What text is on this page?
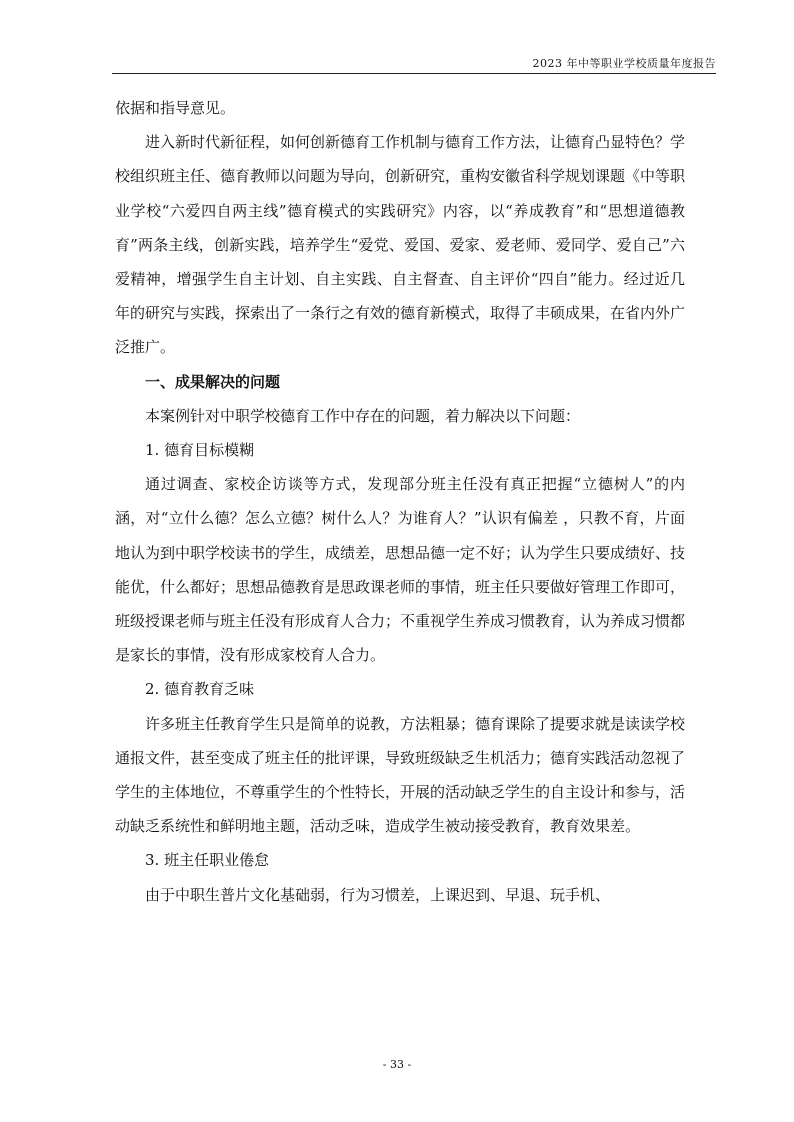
2023 年中等职业学校质量年度报告

依据和指导意见。

进入新时代新征程，如何创新德育工作机制与德育工作方法，让德育凸显特色？学校组织班主任、德育教师以问题为导向，创新研究，重构安徽省科学规划课题《中等职业学校“六爱四自两主线”德育模式的实践研究》内容，以“养成教育”和“思想道德教育”两条主线，创新实践，培养学生“爱党、爱国、爱家、爱老师、爱同学、爱自己”六爱精神，增强学生自主计划、自主实践、自主督查、自主评价“四自”能力。经过近几年的研究与实践，探索出了一条行之有效的德育新模式，取得了丰硕成果，在省内外广泛推广。

一、成果解决的问题

本案例针对中职学校德育工作中存在的问题，着力解决以下问题：

1. 德育目标模糊

通过调查、家校企访谈等方式，发现部分班主任没有真正把握“立德树人”的内涵，对“立什么德？怎么立德？树什么人？为谁育人？”认识有偏差 ，只教不育，片面地认为到中职学校读书的学生，成绩差，思想品德一定不好；认为学生只要成绩好、技能优，什么都好；思想品德教育是思政课老师的事情，班主任只要做好管理工作即可，班级授课老师与班主任没有形成育人合力；不重视学生养成习惯教育，认为养成习惯都是家长的事情，没有形成家校育人合力。

2. 德育教育乏味

许多班主任教育学生只是简单的说教，方法粗暴；德育课除了提要求就是读读学校通报文件，甚至变成了班主任的批评课，导致班级缺乏生机活力；德育实践活动忽视了学生的主体地位，不尊重学生的个性特长，开展的活动缺乏学生的自主设计和参与，活动缺乏系统性和鲜明地主题，活动乏味，造成学生被动接受教育，教育效果差。

3. 班主任职业倦怠

由于中职生普片文化基础弱，行为习惯差，上课迟到、早退、玩手机、

- 33 -
